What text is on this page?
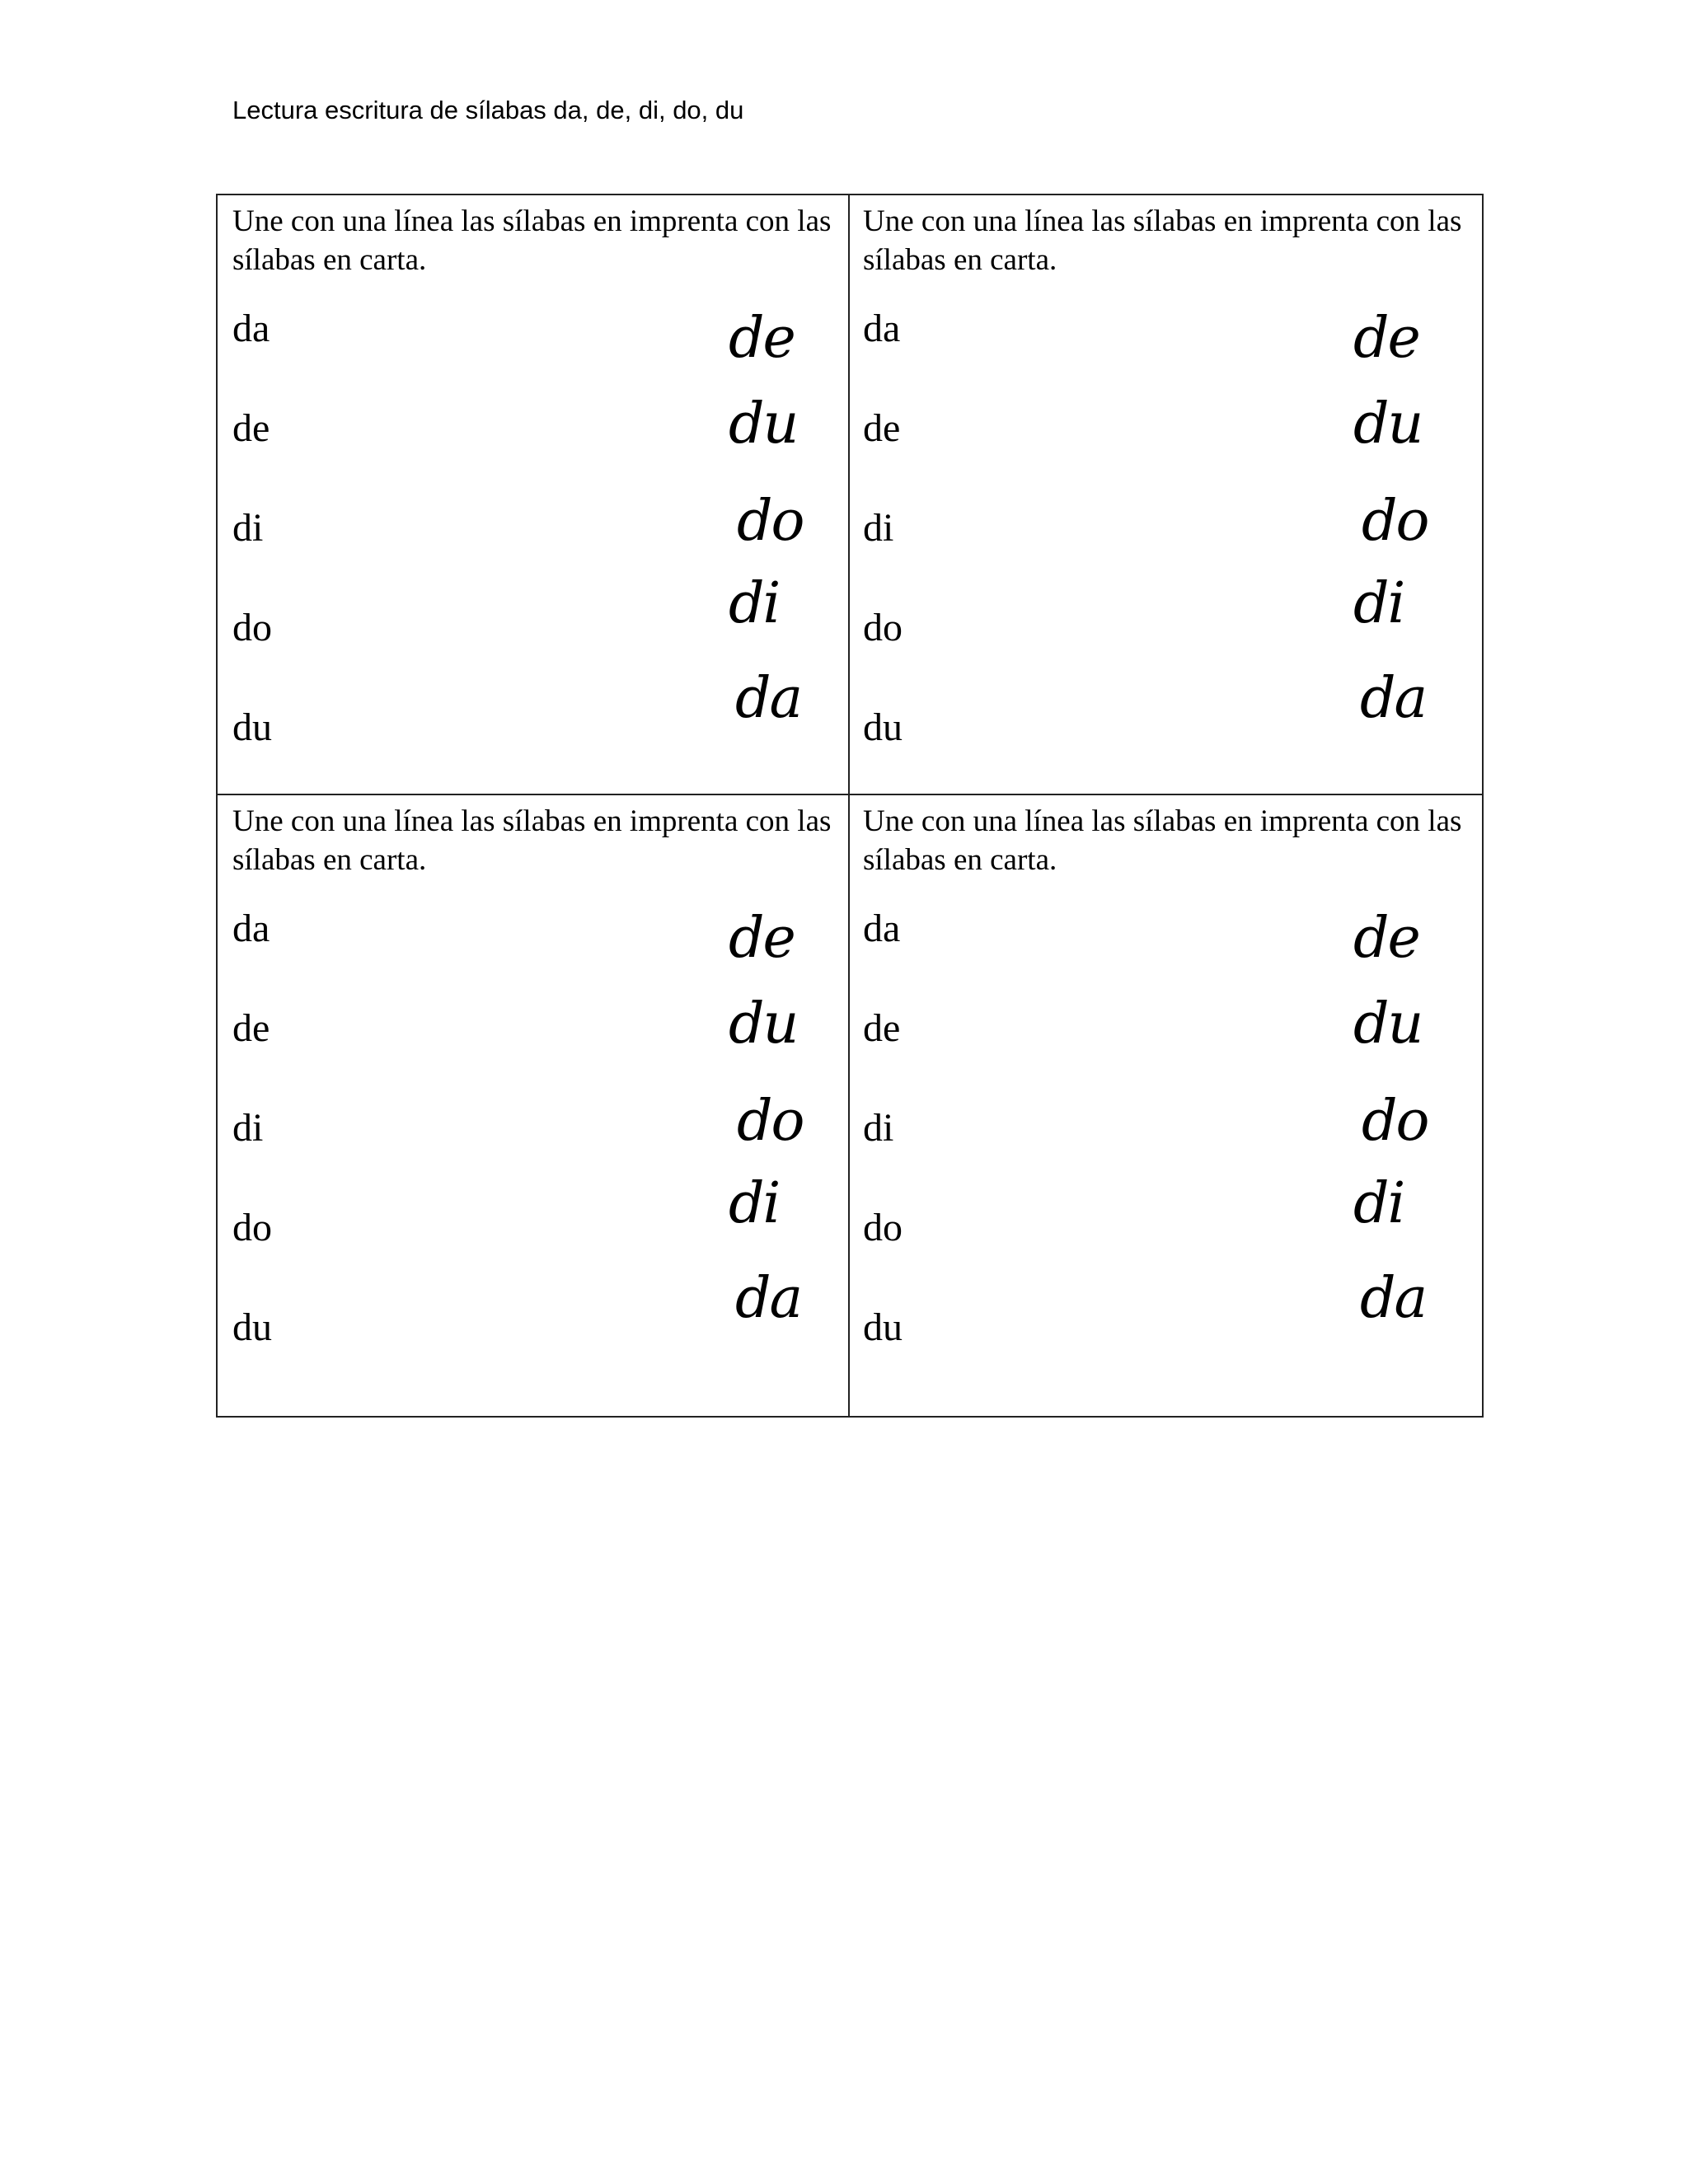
Lectura escritura de sílabas da, de, di, do, du
Une con una línea las sílabas en imprenta con las sílabas en carta.
da
de
di
do
du
de
du
do
di
da
Une con una línea las sílabas en imprenta con las sílabas en carta.
da
de
di
do
du
de
du
do
di
da
Une con una línea las sílabas en imprenta con las sílabas en carta.
da
de
di
do
du
de
du
do
di
da
Une con una línea las sílabas en imprenta con las sílabas en carta.
da
de
di
do
du
de
du
do
di
da
